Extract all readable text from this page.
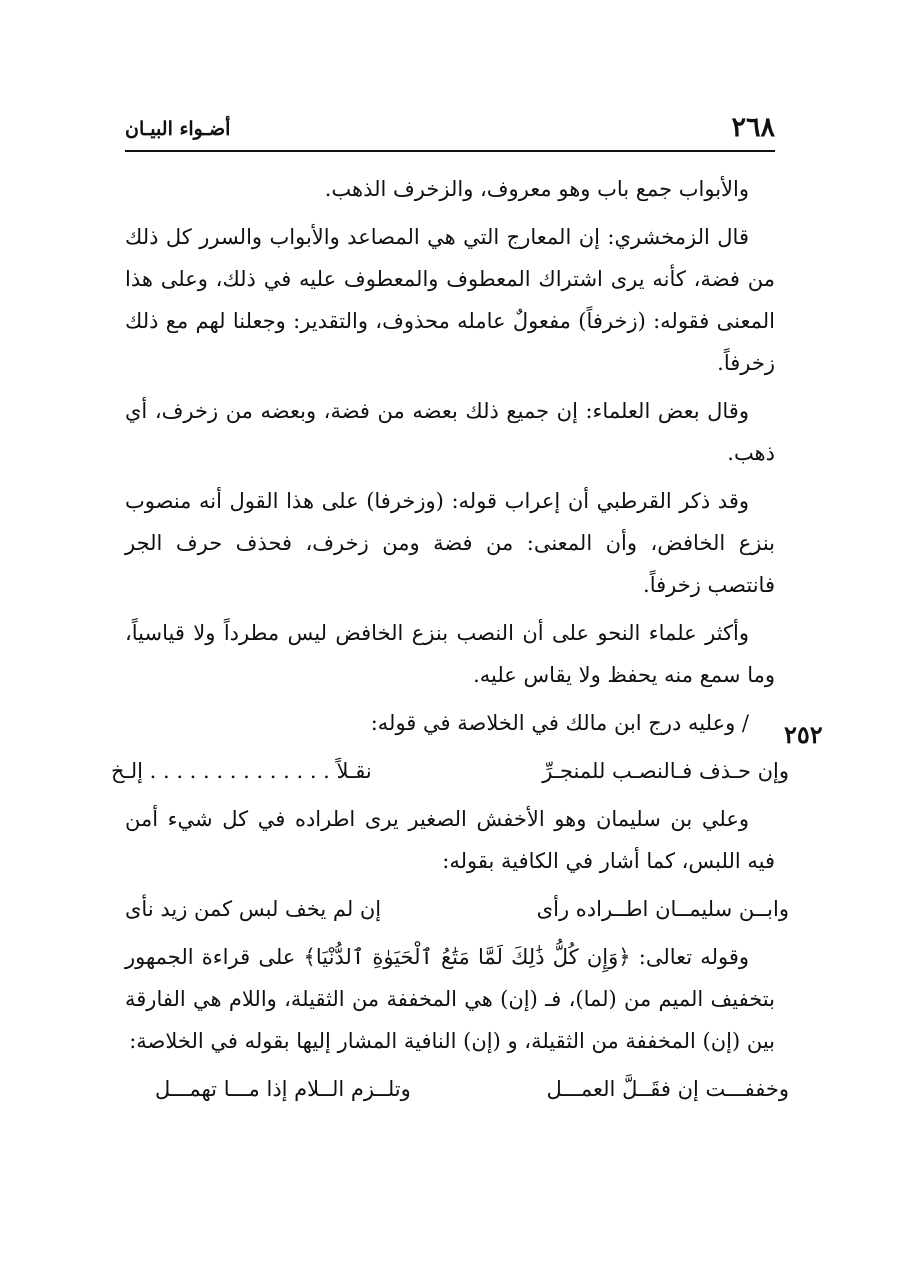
٢٦٨
أضـواء البيـان
٢٥٢

والأبواب جمع باب وهو معروف، والزخرف الذهب.

قال الزمخشري: إن المعارج التي هي المصاعد والأبواب والسرر كل ذلك من فضة، كأنه يرى اشتراك المعطوف والمعطوف عليه في ذلك، وعلى هذا المعنى فقوله: (زخرفاً) مفعولٌ عامله محذوف، والتقدير: وجعلنا لهم مع ذلك زخرفاً.

وقال بعض العلماء: إن جميع ذلك بعضه من فضة، وبعضه من زخرف، أي ذهب.

وقد ذكر القرطبي أن إعراب قوله: (وزخرفا) على هذا القول أنه منصوب بنزع الخافض، وأن المعنى: من فضة ومن زخرف، فحذف حرف الجر فانتصب زخرفاً.

وأكثر علماء النحو على أن النصب بنزع الخافض ليس مطرداً ولا قياسياً، وما سمع منه يحفظ ولا يقاس عليه.

/ وعليه درج ابن مالك في الخلاصة في قوله:

وإن حـذف فـالنصـب للمنجـرِّ
نقـلاً . . . . . . . . . . . . . . إلـخ

وعلي بن سليمان وهو الأخفش الصغير يرى اطراده في كل شيء أمن فيه اللبس، كما أشار في الكافية بقوله:

وابــن سليمــان اطــراده رأى
إن لم يخف لبس كمن زيد نأى

وقوله تعالى: ﴿وَإِن كُلُّ ذَٰلِكَ لَمَّا مَتَٰعُ ٱلْحَيَوٰةِ ٱلدُّنْيَا﴾ على قراءة الجمهور بتخفيف الميم من (لما)، فـ (إن) هي المخففة من الثقيلة، واللام هي الفارقة بين (إن) المخففة من الثقيلة، و (إن) النافية المشار إليها بقوله في الخلاصة:

وخففـــت إن فقَــلَّ العمـــل
وتلــزم الــلام إذا مـــا تهمـــل
